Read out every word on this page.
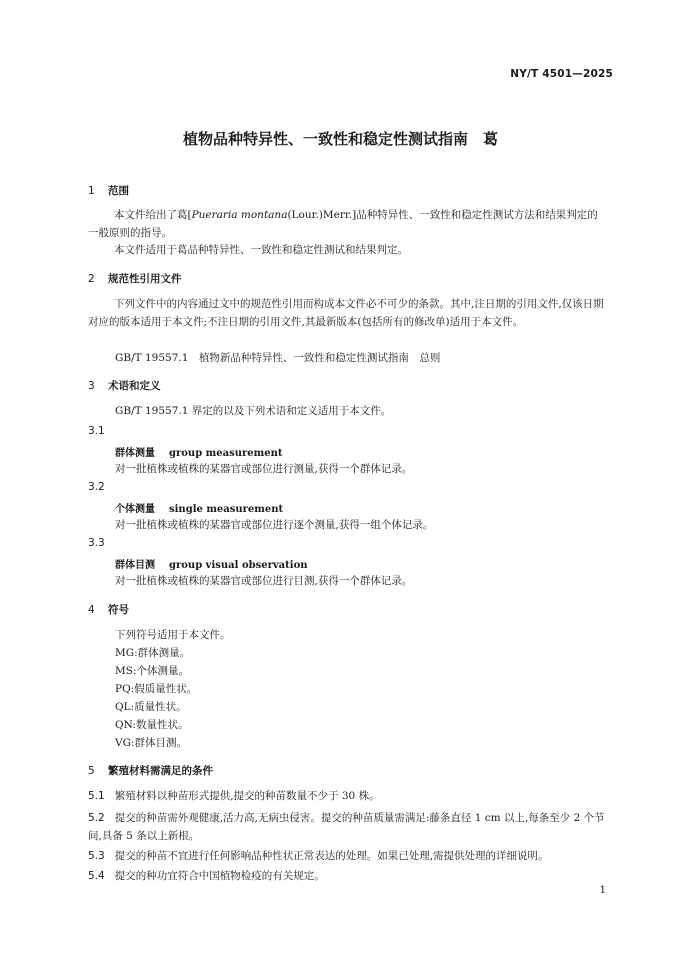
NY/T 4501—2025
植物品种特异性、一致性和稳定性测试指南　葛
1 范围
本文件给出了葛[Pueraria montana(Lour.)Merr.]品种特异性、一致性和稳定性测试方法和结果判定的一般原则的指导。
本文件适用于葛品种特异性、一致性和稳定性测试和结果判定。
2 规范性引用文件
下列文件中的内容通过文中的规范性引用而构成本文件必不可少的条款。其中,注日期的引用文件,仅该日期对应的版本适用于本文件;不注日期的引用文件,其最新版本(包括所有的修改单)适用于本文件。
GB/T 19557.1　植物新品种特异性、一致性和稳定性测试指南　总则
3 术语和定义
GB/T 19557.1 界定的以及下列术语和定义适用于本文件。
3.1
群体测量 group measurement
对一批植株或植株的某器官或部位进行测量,获得一个群体记录。
3.2
个体测量 single measurement
对一批植株或植株的某器官或部位进行逐个测量,获得一组个体记录。
3.3
群体目测 group visual observation
对一批植株或植株的某器官或部位进行目测,获得一个群体记录。
4 符号
下列符号适用于本文件。
MG:群体测量。
MS:个体测量。
PQ:假质量性状。
QL:质量性状。
QN:数量性状。
VG:群体目测。
5 繁殖材料需满足的条件
5.1 繁殖材料以种苗形式提供,提交的种苗数量不少于 30 株。
5.2 提交的种苗需外观健康,活力高,无病虫侵害。提交的种苗质量需满足:藤条直径 1 cm 以上,每条至少 2 个节间,具备 5 条以上新根。
5.3 提交的种苗不宜进行任何影响品种性状正常表达的处理。如果已处理,需提供处理的详细说明。
5.4 提交的种功宜符合中国植物检疫的有关规定。
1
